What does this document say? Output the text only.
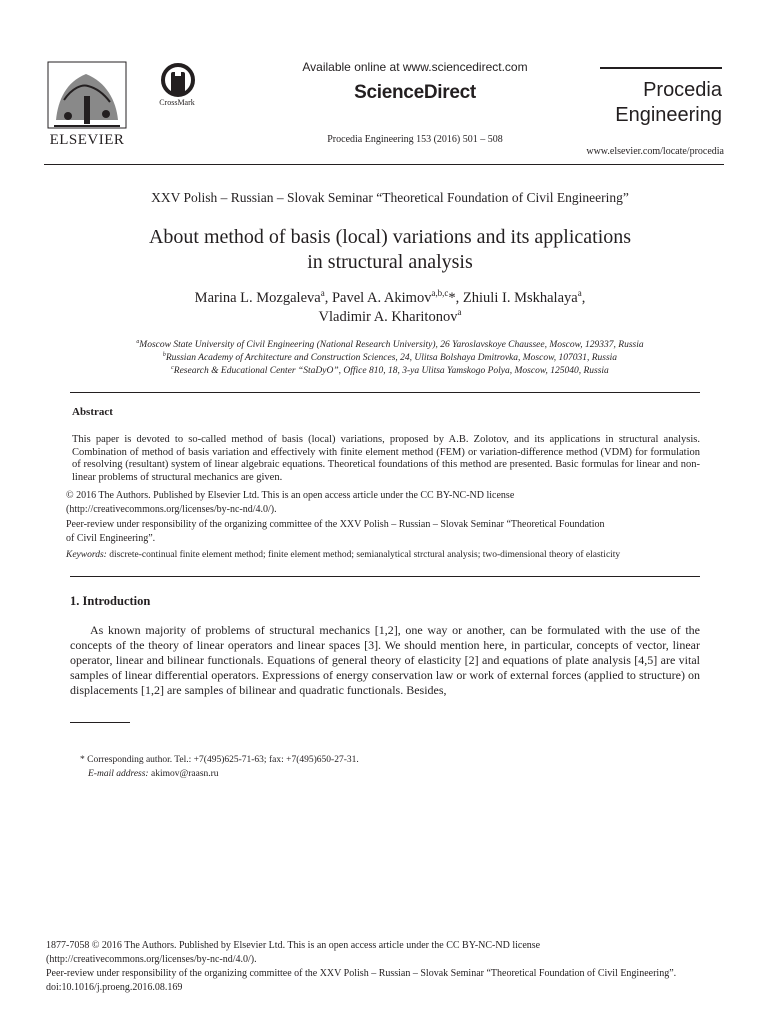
ELSEVIER
CrossMark
Available online at www.sciencedirect.com
ScienceDirect
Procedia Engineering 153 (2016) 501 – 508
Procedia
Engineering
www.elsevier.com/locate/procedia
XXV Polish – Russian – Slovak Seminar “Theoretical Foundation of Civil Engineering”
About method of basis (local) variations and its applications
in structural analysis
Marina L. Mozgaleva$^a$, Pavel A. Akimov$^{a,b,c}$*, Zhiuli I. Mskhalaya$^a$,
Vladimir A. Kharitonov$^a$
$^a$Moscow State University of Civil Engineering (National Research University), 26 Yaroslavskoye Chaussee, Moscow, 129337, Russia
$^b$Russian Academy of Architecture and Construction Sciences, 24, Ulitsa Bolshaya Dmitrovka, Moscow, 107031, Russia
$^c$Research & Educational Center “StaDyO”, Office 810, 18, 3-ya Ulitsa Yamskogo Polya, Moscow, 125040, Russia
Abstract
This paper is devoted to so-called method of basis (local) variations, proposed by A.B. Zolotov, and its applications in structural analysis. Combination of method of basis variation and effectively with finite element method (FEM) or variation-difference method (VDM) for formulation of resolving (resultant) system of linear algebraic equations. Theoretical foundations of this method are presented. Basic formulas for linear and non-linear problems of structural mechanics are given.
© 2016 The Authors. Published by Elsevier Ltd. This is an open access article under the CC BY-NC-ND license
(http://creativecommons.org/licenses/by-nc-nd/4.0/).
Peer-review under responsibility of the organizing committee of the XXV Polish – Russian – Slovak Seminar “Theoretical Foundation
of Civil Engineering”.
Keywords: discrete-continual finite element method; finite element method; semianalytical strctural analysis; two-dimensional theory of elasticity
1. Introduction
As known majority of problems of structural mechanics [1,2], one way or another, can be formulated with the use of the concepts of the theory of linear operators and linear spaces [3]. We should mention here, in particular, concepts of vector, linear operator, linear and bilinear functionals. Equations of general theory of elasticity [2] and equations of plate analysis [4,5] are vital samples of linear differential operators. Expressions of energy conservation law or work of external forces (applied to structure) on displacements [1,2] are samples of bilinear and quadratic functionals. Besides,
* Corresponding author. Tel.: +7(495)625-71-63; fax: +7(495)650-27-31.
E-mail address: akimov@raasn.ru
1877-7058 © 2016 The Authors. Published by Elsevier Ltd. This is an open access article under the CC BY-NC-ND license
(http://creativecommons.org/licenses/by-nc-nd/4.0/).
Peer-review under responsibility of the organizing committee of the XXV Polish – Russian – Slovak Seminar “Theoretical Foundation of Civil Engineering”.
doi:10.1016/j.proeng.2016.08.169
